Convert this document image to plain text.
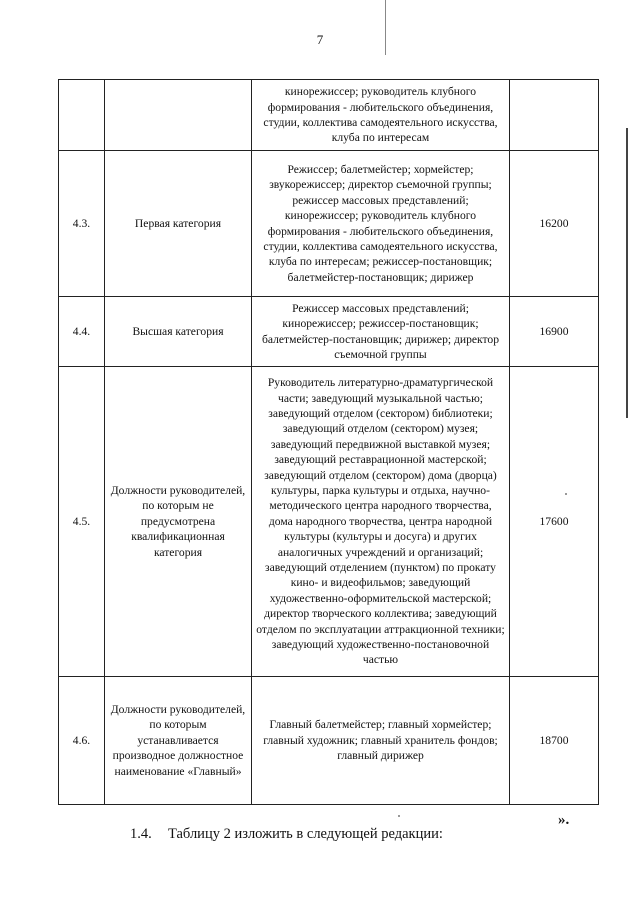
7
		кинорежиссер; руководитель клубного формирования - любительского объединения, студии, коллектива самодеятельного искусства, клуба по интересам	
4.3.	Первая категория	Режиссер; балетмейстер; хормейстер; звукорежиссер; директор съемочной группы; режиссер массовых представлений; кинорежиссер; руководитель клубного формирования - любительского объединения, студии, коллектива самодеятельного искусства, клуба по интересам; режиссер-постановщик; балетмейстер-постановщик; дирижер	16200
4.4.	Высшая категория	Режиссер массовых представлений; кинорежиссер; режиссер-постановщик; балетмейстер-постановщик; дирижер; директор съемочной группы	16900
4.5.	Должности руководителей, по которым не предусмотрена квалификационная категория	Руководитель литературно-драматургической части; заведующий музыкальной частью; заведующий отделом (сектором) библиотеки; заведующий отделом (сектором) музея; заведующий передвижной выставкой музея; заведующий реставрационной мастерской; заведующий отделом (сектором) дома (дворца) культуры, парка культуры и отдыха, научно-методического центра народного творчества, дома народного творчества, центра народной культуры (культуры и досуга) и других аналогичных учреждений и организаций; заведующий отделением (пунктом) по прокату кино- и видеофильмов; заведующий художественно-оформительской мастерской; директор творческого коллектива; заведующий отделом по эксплуатации аттракционной техники; заведующий художественно-постановочной частью	17600
4.6.	Должности руководителей, по которым устанавливается производное должностное наименование «Главный»	Главный балетмейстер; главный хормейстер; главный художник; главный хранитель фондов; главный дирижер	18700
».
1.4. Таблицу 2 изложить в следующей редакции:
